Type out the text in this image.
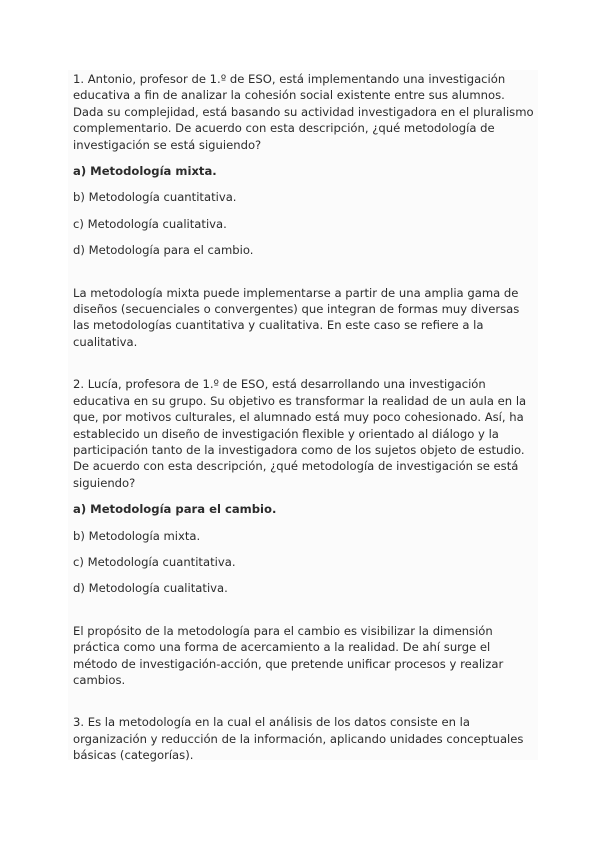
1. Antonio, profesor de 1.º de ESO, está implementando una investigación educativa a fin de analizar la cohesión social existente entre sus alumnos. Dada su complejidad, está basando su actividad investigadora en el pluralismo complementario. De acuerdo con esta descripción, ¿qué metodología de investigación se está siguiendo?

a) Metodología mixta.

b) Metodología cuantitativa.

c) Metodología cualitativa.

d) Metodología para el cambio.

La metodología mixta puede implementarse a partir de una amplia gama de diseños (secuenciales o convergentes) que integran de formas muy diversas las metodologías cuantitativa y cualitativa. En este caso se refiere a la cualitativa.

2. Lucía, profesora de 1.º de ESO, está desarrollando una investigación educativa en su grupo. Su objetivo es transformar la realidad de un aula en la que, por motivos culturales, el alumnado está muy poco cohesionado. Así, ha establecido un diseño de investigación flexible y orientado al diálogo y la participación tanto de la investigadora como de los sujetos objeto de estudio. De acuerdo con esta descripción, ¿qué metodología de investigación se está siguiendo?

a) Metodología para el cambio.

b) Metodología mixta.

c) Metodología cuantitativa.

d) Metodología cualitativa.

El propósito de la metodología para el cambio es visibilizar la dimensión práctica como una forma de acercamiento a la realidad. De ahí surge el método de investigación-acción, que pretende unificar procesos y realizar cambios.

3. Es la metodología en la cual el análisis de los datos consiste en la organización y reducción de la información, aplicando unidades conceptuales básicas (categorías).
